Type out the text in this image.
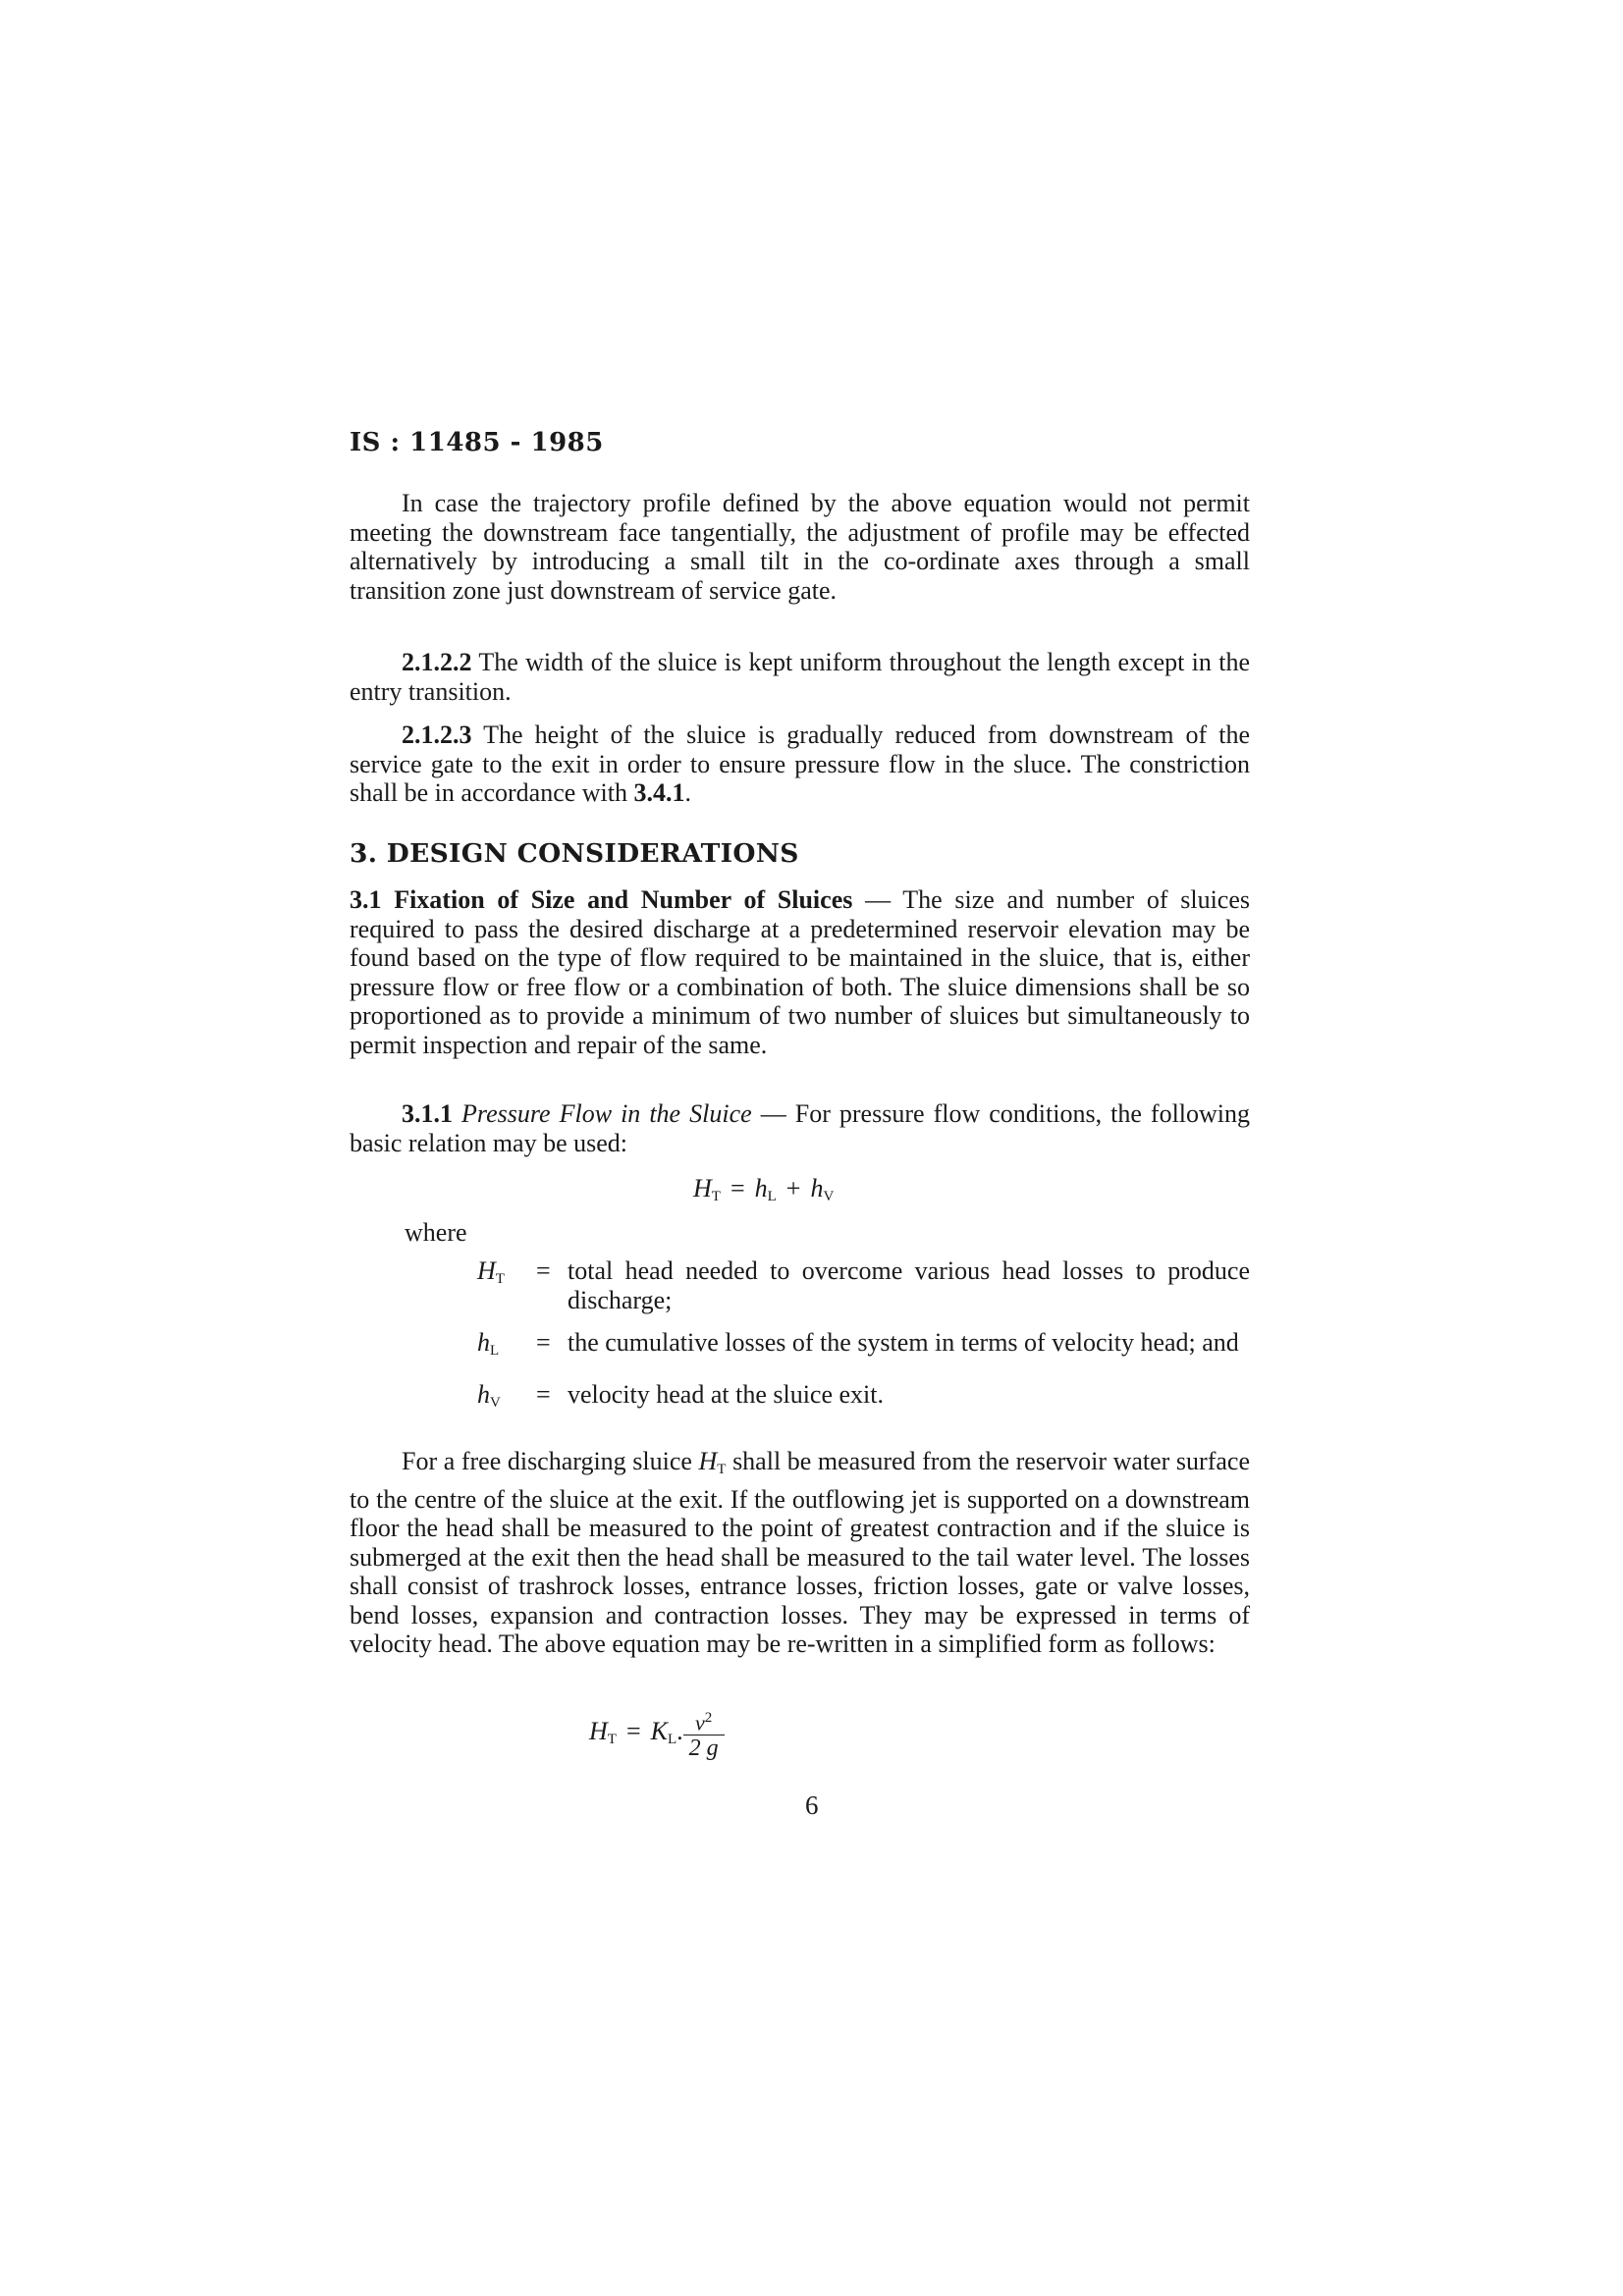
IS : 11485 - 1985

In case the trajectory profile defined by the above equation would not permit meeting the downstream face tangentially, the adjustment of profile may be effected alternatively by introducing a small tilt in the co-ordinate axes through a small transition zone just downstream of service gate.

2.1.2.2 The width of the sluice is kept uniform throughout the length except in the entry transition.

2.1.2.3 The height of the sluice is gradually reduced from downstream of the service gate to the exit in order to ensure pressure flow in the sluce. The constriction shall be in accordance with 3.4.1.

3. DESIGN CONSIDERATIONS

3.1 Fixation of Size and Number of Sluices — The size and number of sluices required to pass the desired discharge at a predetermined reservoir elevation may be found based on the type of flow required to be maintained in the sluice, that is, either pressure flow or free flow or a combination of both. The sluice dimensions shall be so proportioned as to provide a minimum of two number of sluices but simultaneously to permit inspection and repair of the same.

3.1.1 Pressure Flow in the Sluice — For pressure flow conditions, the following basic relation may be used:

$H_T = h_L + h_V$
where
$H_T$	= total head needed to overcome various head losses to produce discharge;
$h_L$	= the cumulative losses of the system in terms of velocity head; and
$h_V$	= velocity head at the sluice exit.

For a free discharging sluice $H_T$ shall be measured from the reservoir water surface to the centre of the sluice at the exit. If the outflowing jet is supported on a downstream floor the head shall be measured to the point of greatest contraction and if the sluice is submerged at the exit then the head shall be measured to the tail water level. The losses shall consist of trashrock losses, entrance losses, friction losses, gate or valve losses, bend losses, expansion and contraction losses. They may be expressed in terms of velocity head. The above equation may be re-written in a simplified form as follows:

$H_T = K_L$. $\frac{v^2}{2 g}$
6
